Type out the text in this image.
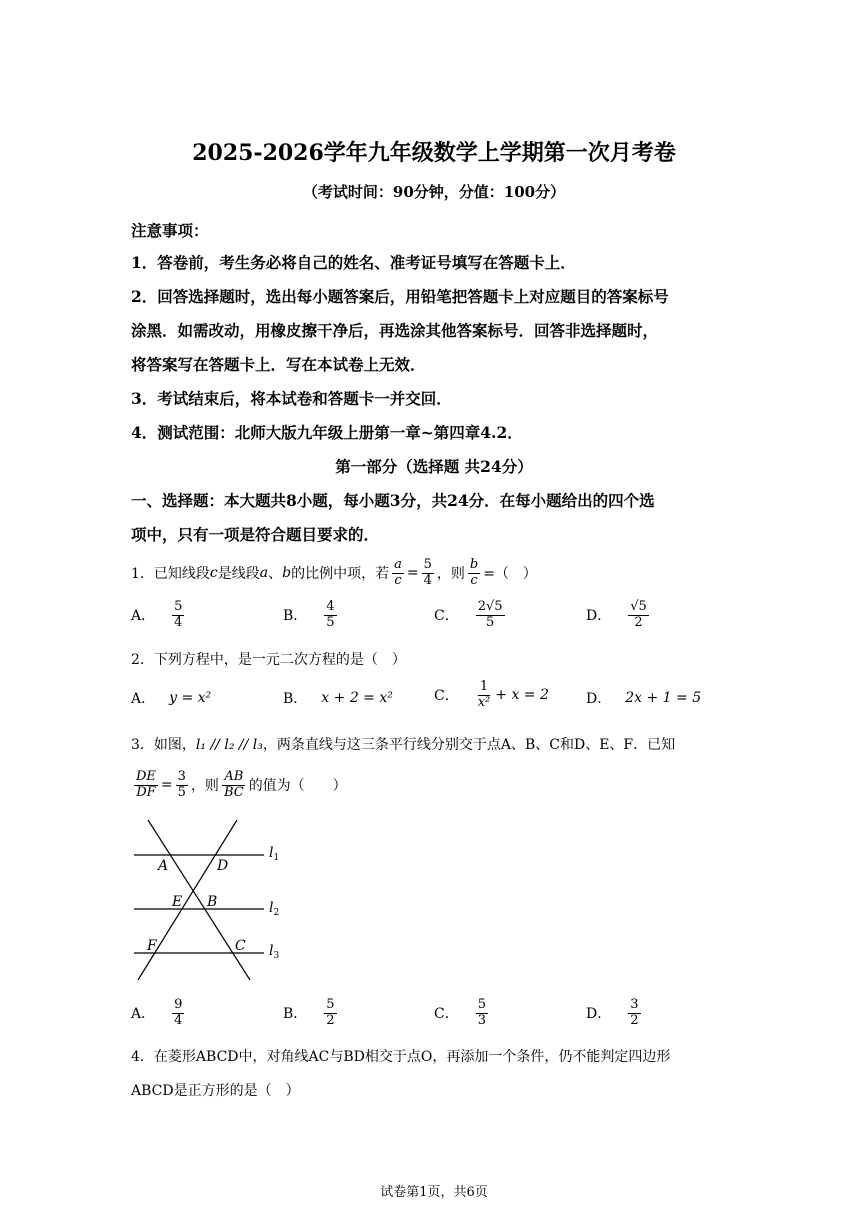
2025-2026学年九年级数学上学期第一次月考卷
（考试时间：90分钟，分值：100分）
注意事项：
1．答卷前，考生务必将自己的姓名、准考证号填写在答题卡上．
2．回答选择题时，选出每小题答案后，用铅笔把答题卡上对应题目的答案标号
涂黑．如需改动，用橡皮擦干净后，再选涂其他答案标号．回答非选择题时，
将答案写在答题卡上．写在本试卷上无效．
3．考试结束后，将本试卷和答题卡一并交回．
4．测试范围：北师大版九年级上册第一章~第四章4.2．
第一部分（选择题 共24分）
一、选择题：本大题共8小题，每小题3分，共24分．在每小题给出的四个选
项中，只有一项是符合题目要求的．
1．已知线段 c 是线段 a 、 b 的比例中项，若 $\frac{a}{c} = \frac{5}{4}$ ，则 $\frac{b}{c}$ =（　）
A． $\frac{5}{4}$	B． $\frac{4}{5}$	C． $\frac{2√5}{5}$	D． $\frac{√5}{2}$
2．下列方程中，是一元二次方程的是（　）
A． y = x²	B． x + 2 = x²	C． $\frac{1}{\text{x²}} + x = 2$	D． 2x + 1 = 5
3．如图，l₁ // l₂ // l₃，两条直线与这三条平行线分别交于点A、B、C和D、E、F．已知
$\frac{DE}{DF} = \frac{3}{5}$ ，则 $\frac{AB}{BC}$ 的值为（　　）
A	D
E B
F	C
$l_1$
$l_2$
$l_3$
A． $\frac{9}{4}$	B． $\frac{5}{2}$	C． $\frac{5}{3}$	D． $\frac{3}{2}$
4．在菱形ABCD中，对角线AC与BD相交于点O，再添加一个条件，仍不能判定四边形
ABCD是正方形的是（　）
试卷第1页，共6页
